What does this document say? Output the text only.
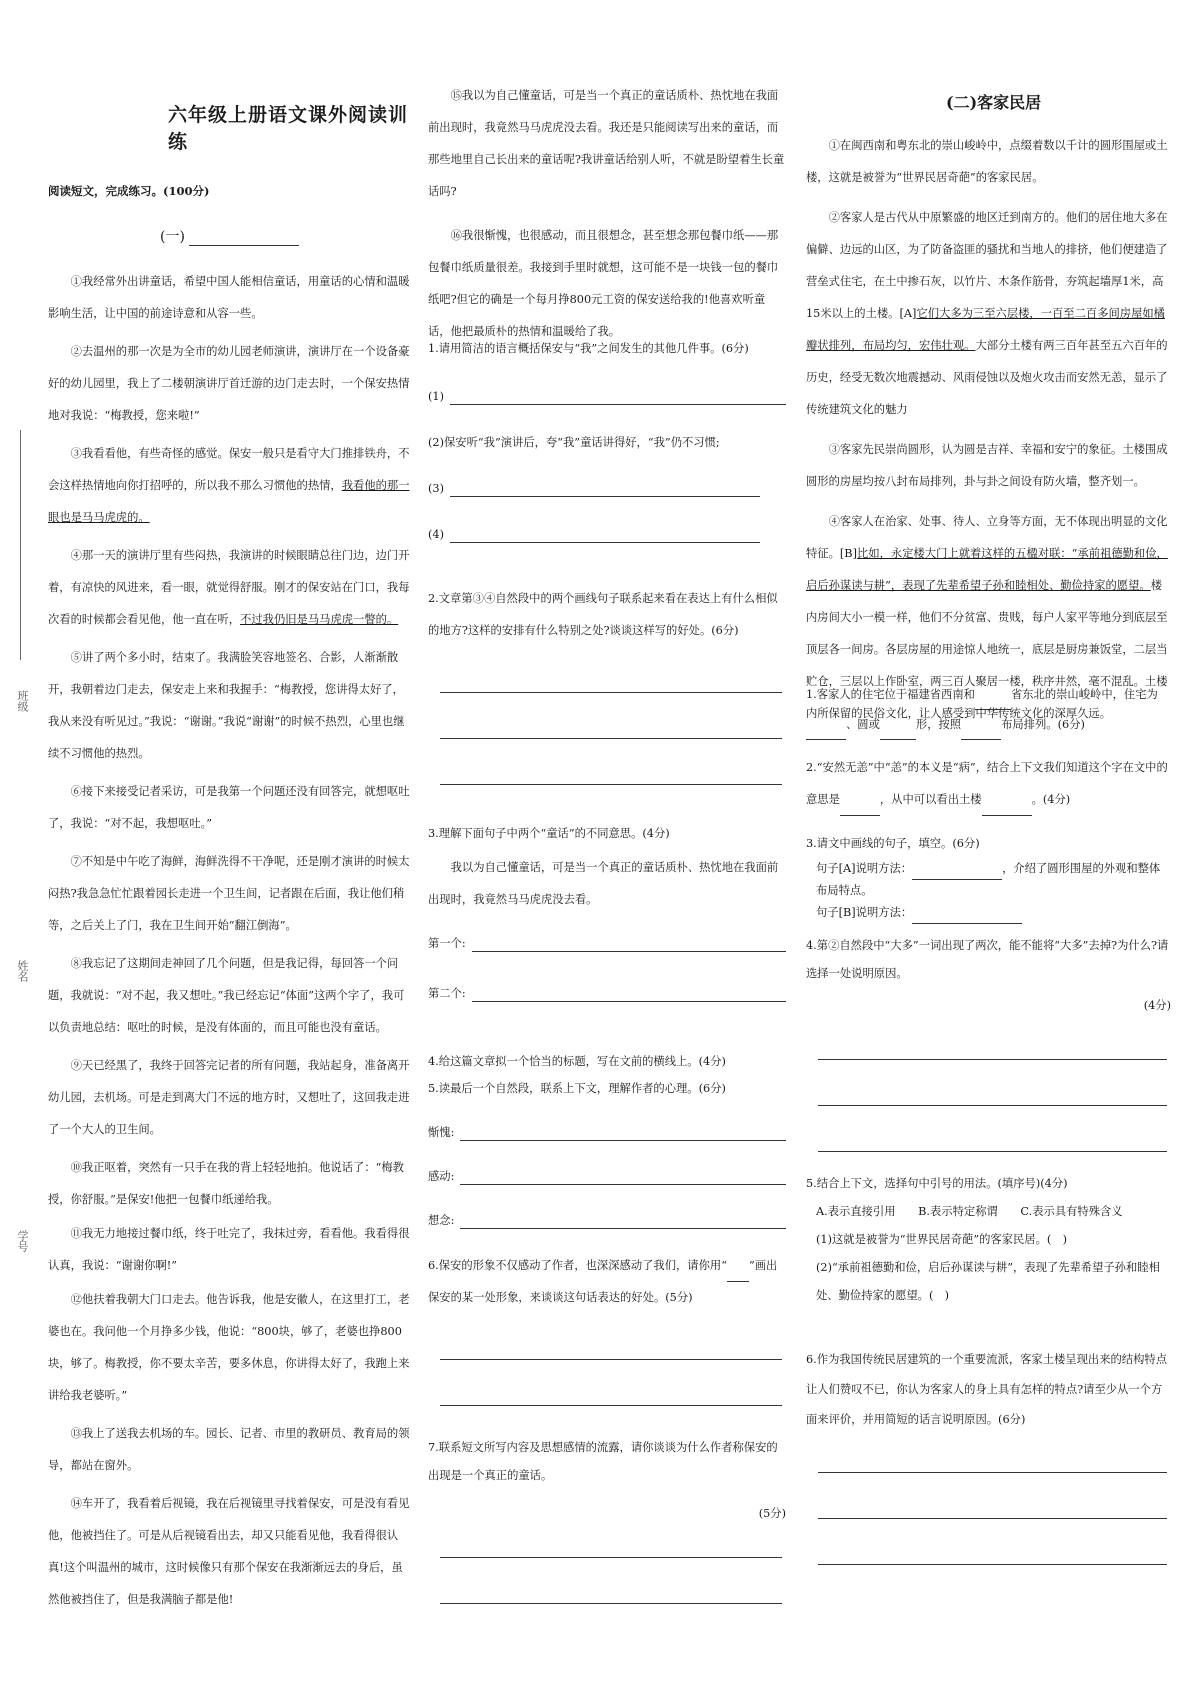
班级
姓名
学号
六年级上册语文课外阅读训练
阅读短文，完成练习。(100分)
(一)

①我经常外出讲童话，希望中国人能相信童话，用童话的心情和温暖影响生活，让中国的前途诗意和从容一些。

②去温州的那一次是为全市的幼儿园老师演讲，演讲厅在一个设备豪好的幼儿园里，我上了二楼朝演讲厅首迁游的边门走去时，一个保安热情地对我说：“梅教授，您来啦!”

③我看看他，有些奇怪的感觉。保安一般只是看守大门推排铁舟，不会这样热情地向你打招呼的，所以我不那么习惯他的热情，我看他的那一眼也是马马虎虎的。

④那一天的演讲厅里有些闷热，我演讲的时候眼睛总往门边，边门开着，有凉快的风进来，看一眼，就觉得舒服。刚才的保安站在门口，我每次看的时候都会看见他，他一直在听，不过我仍旧是马马虎虎一瞥的。

⑤讲了两个多小时，结束了。我满脸笑容地签名、合影，人渐渐散开，我朝着边门走去，保安走上来和我握手：“梅教授，您讲得太好了，我从来没有听见过。”我说：“谢谢。”我说“谢谢”的时候不热烈，心里也继续不习惯他的热烈。

⑥接下来接受记者采访，可是我第一个问题还没有回答完，就想呕吐了，我说：“对不起，我想呕吐。”

⑦不知是中午吃了海鲜，海鲜洗得不干净呢，还是刚才演讲的时候太闷热?我急急忙忙跟着园长走进一个卫生间，记者跟在后面，我让他们稍等，之后关上了门，我在卫生间开始“翻江倒海”。

⑧我忘记了这期间走神回了几个问题，但是我记得，每回答一个问题，我就说：“对不起，我又想吐。”我已经忘记“体面”这两个字了，我可以负责地总结：呕吐的时候，是没有体面的，而且可能也没有童话。

⑨天已经黑了，我终于回答完记者的所有问题，我站起身，准备离开幼儿园，去机场。可是走到离大门不远的地方时，又想吐了，这回我走进了一个大人的卫生间。

⑩我正呕着，突然有一只手在我的背上轻轻地拍。他说话了：“梅教授，你舒服。”是保安!他把一包餐巾纸递给我。

⑪我无力地接过餐巾纸，终于吐完了，我抹过旁，看看他。我看得很认真，我说：“谢谢你啊!”

⑫他扶着我朝大门口走去。他告诉我，他是安徽人，在这里打工，老婆也在。我问他一个月挣多少钱，他说：“800块，够了，老婆也挣800块，够了。梅教授，你不要太辛苦，要多休息，你讲得太好了，我跑上来讲给我老婆听。”

⑬我上了送我去机场的车。园长、记者、市里的教研员、教育局的领导，都站在窗外。

⑭车开了，我看着后视镜，我在后视镜里寻找着保安，可是没有看见他，他被挡住了。可是从后视镜看出去，却又只能看见他，我看得很认真!这个叫温州的城市，这时候像只有那个保安在我渐渐远去的身后，虽然他被挡住了，但是我满脑子都是他!

⑮我以为自己懂童话，可是当一个真正的童话质朴、热忱地在我面前出现时，我竟然马马虎虎没去看。我还是只能阅读写出来的童话，而那些地里自己长出来的童话呢?我讲童话给别人听，不就是盼望着生长童话吗?

⑯我很惭愧，也很感动，而且很想念，甚至想念那包餐巾纸——那包餐巾纸质量很差。我接到手里时就想，这可能不是一块钱一包的餐巾纸吧?但它的确是一个每月挣800元工资的保安送给我的!他喜欢听童话，他把最质朴的热情和温暖给了我。

1.请用简洁的语言概括保安与“我”之间发生的其他几件事。(6分)
(1)
(2)保安听“我”演讲后，夸“我”童话讲得好，“我”仍不习惯;
(3)
(4)
2.文章第③④自然段中的两个画线句子联系起来看在表达上有什么相似的地方?这样的安排有什么特别之处?谈谈这样写的好处。(6分)
3.理解下面句子中两个“童话”的不同意思。(4分)

我以为自己懂童话，可是当一个真正的童话质朴、热忱地在我面前出现时，我竟然马马虎虎没去看。

第一个:
第二个:
4.给这篇文章拟一个恰当的标题，写在文前的横线上。(4分)
5.读最后一个自然段，联系上下文，理解作者的心理。(6分)
惭愧:
感动:
想念:
6.保安的形象不仅感动了作者，也深深感动了我们，请你用“ ”画出保安的某一处形象，来谈谈这句话表达的好处。(5分)
7.联系短文所写内容及思想感情的流露，请你谈谈为什么作者称保安的出现是一个真正的童话。
(5分)
(二)客家民居

①在闽西南和粤东北的崇山峻岭中，点缀着数以千计的圆形围屋或土楼，这就是被誉为“世界民居奇葩”的客家民居。

②客家人是古代从中原繁盛的地区迁到南方的。他们的居住地大多在偏僻、边远的山区，为了防备盗匪的骚扰和当地人的排挤，他们便建造了营垒式住宅，在土中掺石灰，以竹片、木条作筋骨，夯筑起墙厚1米，高15米以上的土楼。[A]它们大多为三至六层楼，一百至二百多间房屋如橘瓣状排列，布局均匀，宏伟壮观。大部分土楼有两三百年甚至五六百年的历史，经受无数次地震撼动、风雨侵蚀以及炮火攻击而安然无恙，显示了传统建筑文化的魅力

③客家先民崇尚圆形，认为圆是吉祥、幸福和安宁的象征。土楼围成圆形的房屋均按八封布局排列，卦与卦之间设有防火墙，整齐划一。

④客家人在治家、处事、待人、立身等方面，无不体现出明显的文化特征。[B]比如，永定楼大门上就着这样的五楹对联：“承前祖德勤和俭，启后孙谋读与耕”，表现了先辈希望子孙和睦相处、勤俭持家的愿望。楼内房间大小一模一样，他们不分贫富、贵贱，每户人家平等地分到底层至顶层各一间房。各层房屋的用途惊人地统一，底层是厨房兼饭堂，二层当贮仓，三层以上作卧室，两三百人聚居一楼，秩序井然，毫不混乱。土楼内所保留的民俗文化，让人感受到中华传统文化的深厚久远。

1.客家人的住宅位于福建省西南和	省东北的崇山峻岭中，住宅为、圆或	形，按照	布局排列。(6分)
2.“安然无恙”中“恙”的本义是“病”，结合上下文我们知道这个字在文中的意思是	，从中可以看出土楼	。(4分)
3.请文中画线的句子，填空。(6分)
句子[A]说明方法：	，介绍了圆形围屋的外观和整体布局特点。
句子[B]说明方法：
4.第②自然段中“大多”一词出现了两次，能不能将“大多”去掉?为什么?请选择一处说明原因。
(4分)
5.结合上下文，选择句中引号的用法。(填序号)(4分)
A.表示直接引用　　B.表示特定称谓　　C.表示具有特殊含义
(1)这就是被誉为“世界民居奇葩”的客家民居。(　)
(2)“承前祖德勤和俭，启后孙谋读与耕”，表现了先辈希望子孙和睦相处、勤俭持家的愿望。(　)
6.作为我国传统民居建筑的一个重要流派，客家土楼呈现出来的结构特点让人们赞叹不已，你认为客家人的身上具有怎样的特点?请至少从一个方面来评价，并用简短的话言说明原因。(6分)
